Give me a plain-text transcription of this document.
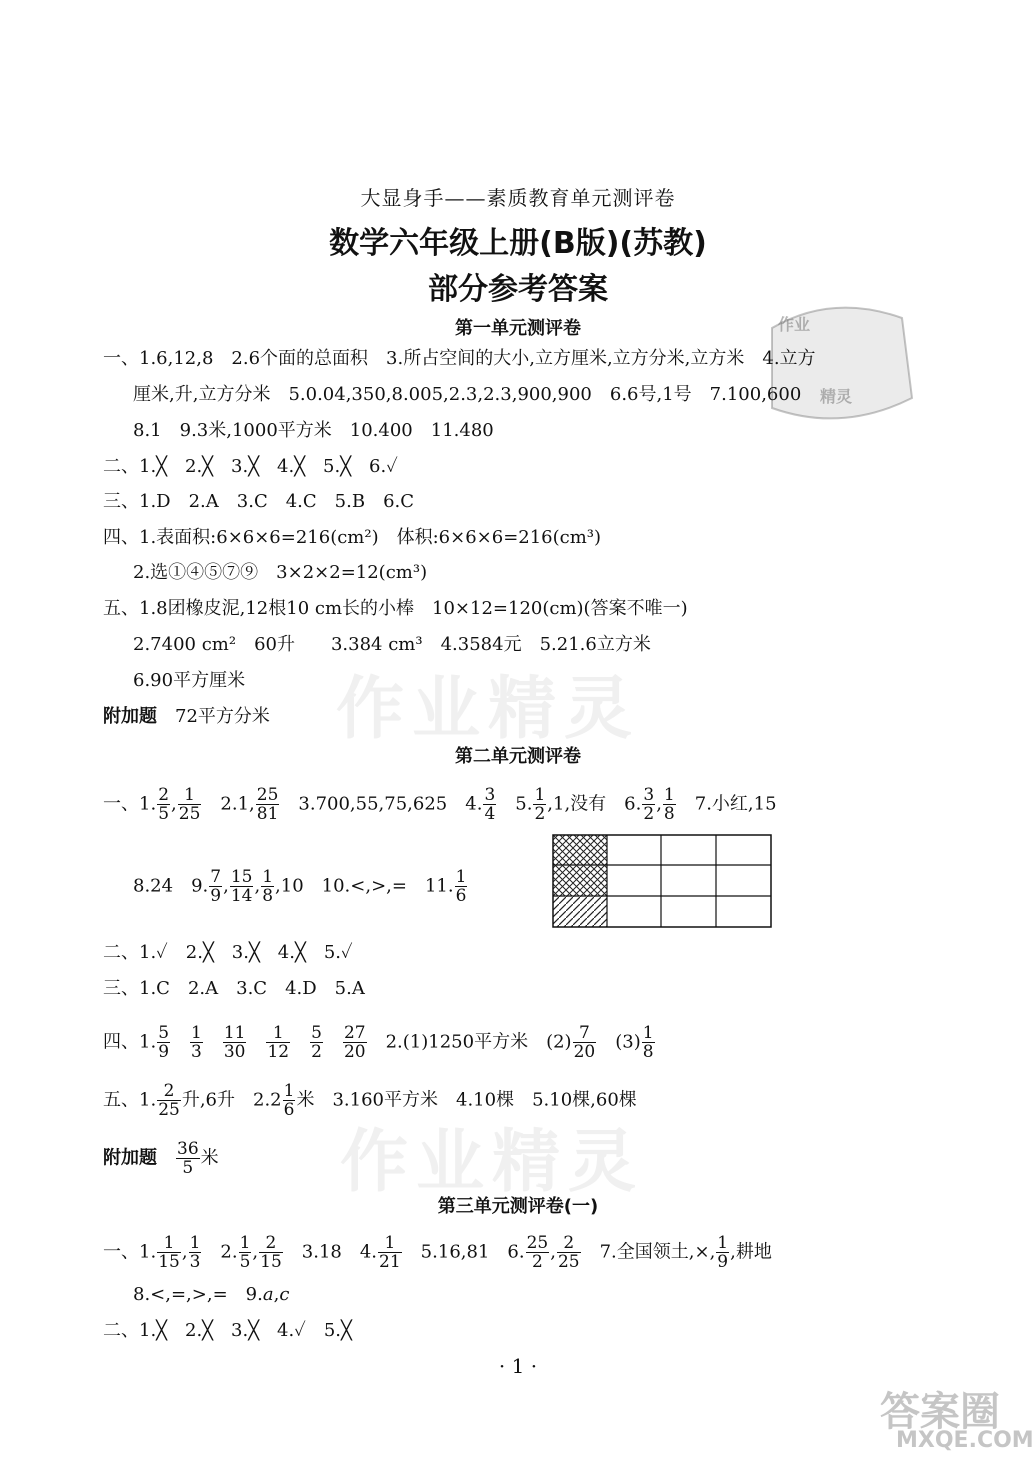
作业精灵
作业精灵
作业
精灵
答案圈
MXQE.COM
大显身手——素质教育单元测评卷
数学六年级上册(B版)(苏教)
部分参考答案
第一单元测评卷
一、1.6,12,8　2.6个面的总面积　3.所占空间的大小,立方厘米,立方分米,立方米　4.立方
厘米,升,立方分米　5.0.04,350,8.005,2.3,2.3,900,900　6.6号,1号　7.100,600
8.1　9.3米,1000平方米　10.400　11.480
二、1.╳　2.╳　3.╳　4.╳　5.╳　6.✓
三、1.D　2.A　3.C　4.C　5.B　6.C
四、1.表面积:6×6×6=216(cm²)　体积:6×6×6=216(cm³)
2.选①④⑤⑦⑨　3×2×2=12(cm³)
五、1.8团橡皮泥,12根10 cm长的小棒　10×12=120(cm)(答案不唯一)
2.7400 cm²　60升　　3.384 cm³　4.3584元　5.21.6立方米
6.90平方厘米
附加题　 72平方分米
第二单元测评卷
一、1. $\frac{2}{5}$ , $\frac{1}{25}$ 　2.1, $\frac{25}{81}$ 　3.700,55,75,625　4. $\frac{3}{4}$ 　5. $\frac{1}{2} ,1$,没有　6. $\frac{3}{2}$ , $\frac{1}{8}$ 　7.小红,15
8.24　9. $\frac{7}{9}$ , $\frac{15}{14}$ , $\frac{1}{8} ,10$　10.<,>,=　11. $\frac{1}{6}$
二、1.✓　2.╳　3.╳　4.╳　5.✓
三、1.C　2.A　3.C　4.D　5.A
四、1. $\frac{5}{9}$
　 $\frac{1}{3}$
　 $\frac{11}{30}$
　 $\frac{1}{12}$
　 $\frac{5}{2}$
　 $\frac{27}{20}$ 　2.(1)1250平方米　$(2) \frac{7}{20}$ 　$(3) \frac{1}{8}$
五、1. $\frac{2}{25}$ 升,6升　$2.2 \frac{1}{6}$ 米　3.160平方米　4.10棵　5.10棵,60棵
附加题　 $\frac{36}{5}$ 米
第三单元测评卷(一)
一、1. $\frac{1}{15}$ , $\frac{1}{3}$ 　2. $\frac{1}{5}$ , $\frac{2}{15}$ 　3.18　4. $\frac{1}{21}$ 　5.16,81　6. $\frac{25}{2}$ , $\frac{2}{25}$ 　7.全国领土,×, $\frac{1}{9}$ ,耕地
8.<,=,>,=　9.a,c
二、1.╳　2.╳　3.╳　4.✓　5.╳
· 1 ·
